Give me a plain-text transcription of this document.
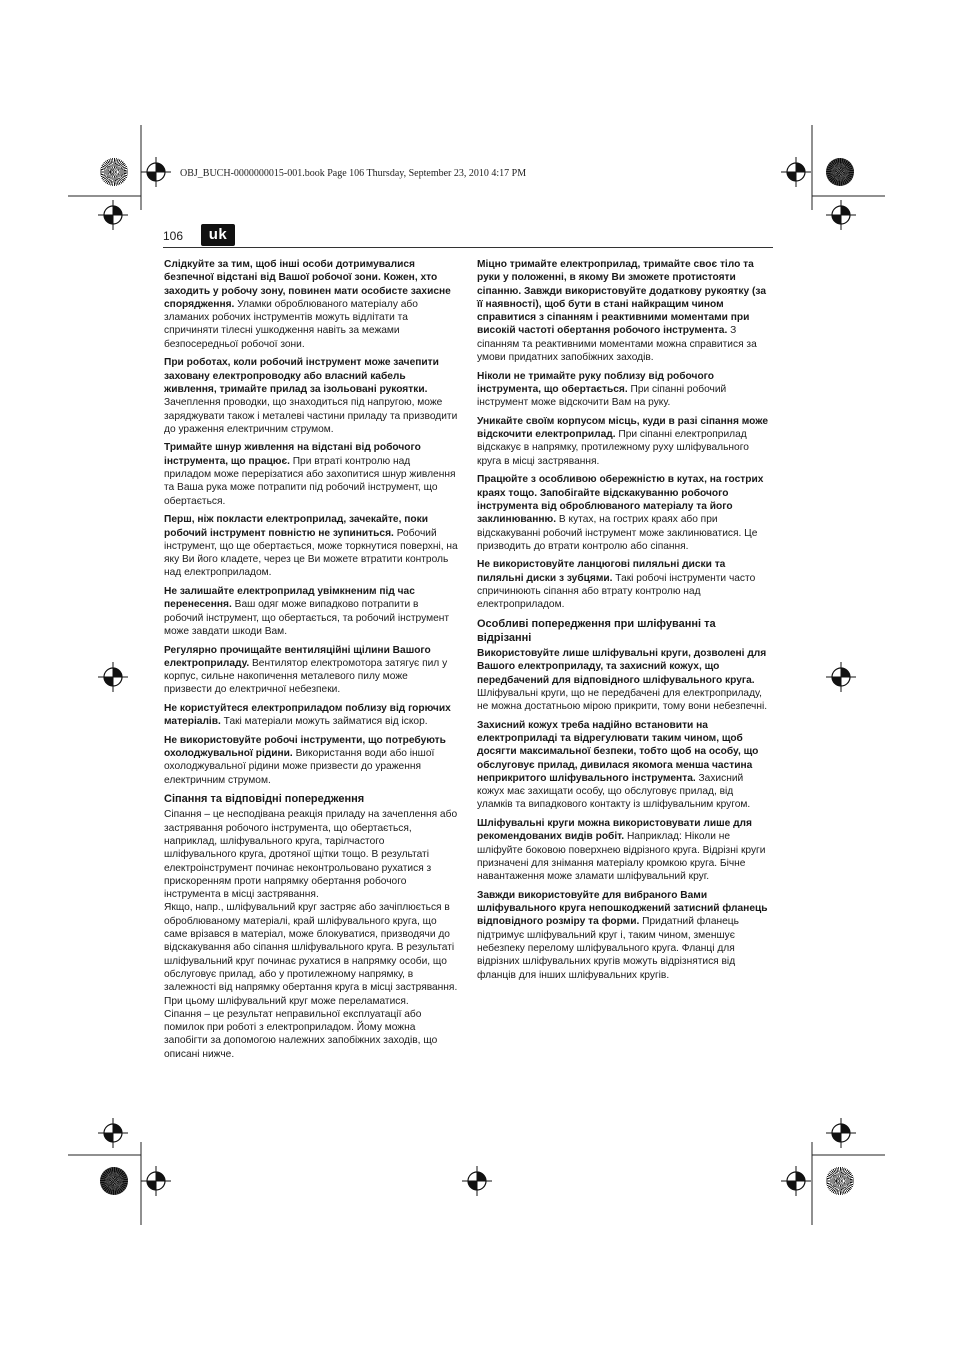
OBJ_BUCH-0000000015-001.book Page 106 Thursday, September 23, 2010 4:17 PM
106	uk

Слідкуйте за тим, щоб інші особи дотримувалися безпечної відстані від Вашої робочої зони. Кожен, хто заходить у робочу зону, повинен мати особисте захисне спорядження. Уламки оброблюваного матеріалу або зламаних робочих інструментів можуть відлітати та спричиняти тілесні ушкодження навіть за межами безпосередньої робочої зони.

При роботах, коли робочий інструмент може зачепити заховану електропроводку або власний кабель живлення, тримайте прилад за ізольовані рукоятки. Зачеплення проводки, що знаходиться під напругою, може заряджувати також і металеві частини приладу та призводити до ураження електричним струмом.

Тримайте шнур живлення на відстані від робочого інструмента, що працює. При втраті контролю над приладом може перерізатися або захопитися шнур живлення та Ваша рука може потрапити під робочий інструмент, що обертається.

Перш, ніж покласти електроприлад, зачекайте, поки робочий інструмент повністю не зупиниться. Робочий інструмент, що ще обертається, може торкнутися поверхні, на яку Ви його кладете, через це Ви можете втратити контроль над електроприладом.

Не залишайте електроприлад увімкненим під час перенесення. Ваш одяг може випадково потрапити в робочий інструмент, що обертається, та робочий інструмент може завдати шкоди Вам.

Регулярно прочищайте вентиляційні щілини Вашого електроприладу. Вентилятор електромотора затягує пил у корпус, сильне накопичення металевого пилу може призвести до електричної небезпеки.

Не користуйтеся електроприладом поблизу від горючих матеріалів. Такі матеріали можуть займатися від іскор.

Не використовуйте робочі інструменти, що потребують охолоджувальної рідини. Використання води або іншої охолоджувальної рідини може призвести до ураження електричним струмом.

Сіпання та відповідні попередження

Сіпання – це несподівана реакція приладу на зачеплення або застрявання робочого інструмента, що обертається, наприклад, шліфувального круга, тарілчастого шліфувального круга, дротяної щітки тощо. В результаті електроінструмент починає неконтрольовано рухатися з прискоренням проти напрямку обертання робочого інструмента в місці застрявання.

Якщо, напр., шліфувальний круг застряє або зачіплюється в оброблюваному матеріалі, край шліфувального круга, що саме врізався в матеріал, може блокуватися, призводячи до відскакування або сіпання шліфувального круга. В результаті шліфувальний круг починає рухатися в напрямку особи, що обслуговує прилад, або у протилежному напрямку, в залежності від напрямку обертання круга в місці застрявання. При цьому шліфувальний круг може переламатися.

Сіпання – це результат неправильної експлуатації або помилок при роботі з електроприладом. Йому можна запобігти за допомогою належних запобіжних заходів, що описані нижче.

Міцно тримайте електроприлад, тримайте своє тіло та руки у положенні, в якому Ви зможете протистояти сіпанню. Завжди використовуйте додаткову рукоятку (за її наявності), щоб бути в стані найкращим чином справитися з сіпанням і реактивними моментами при високій частоті обертання робочого інструмента. З сіпанням та реактивними моментами можна справитися за умови придатних запобіжних заходів.

Ніколи не тримайте руку поблизу від робочого інструмента, що обертається. При сіпанні робочий інструмент може відскочити Вам на руку.

Уникайте своїм корпусом місць, куди в разі сіпання може відскочити електроприлад. При сіпанні електроприлад відскакує в напрямку, протилежному руху шліфувального круга в місці застрявання.

Працюйте з особливою обережністю в кутах, на гострих краях тощо. Запобігайте відскакуванню робочого інструмента від оброблюваного матеріалу та його заклинюванню. В кутах, на гострих краях або при відскакуванні робочий інструмент може заклинюватися. Це призводить до втрати контролю або сіпання.

Не використовуйте ланцюгові пиляльні диски та пиляльні диски з зубцями. Такі робочі інструменти часто спричинюють сіпання або втрату контролю над електроприладом.

Особливі попередження при шліфуванні та відрізанні

Використовуйте лише шліфувальні круги, дозволені для Вашого електроприладу, та захисний кожух, що передбачений для відповідного шліфувального круга. Шліфувальні круги, що не передбачені для електроприладу, не можна достатньою мірою прикрити, тому вони небезпечні.

Захисний кожух треба надійно встановити на електроприладі та відрегулювати таким чином, щоб досягти максимальної безпеки, тобто щоб на особу, що обслуговує прилад, дивилася якомога менша частина неприкритого шліфувального інструмента. Захисний кожух має захищати особу, що обслуговує прилад, від уламків та випадкового контакту із шліфувальним кругом.

Шліфувальні круги можна використовувати лише для рекомендованих видів робіт. Наприклад: Ніколи не шліфуйте боковою поверхнею відрізного круга. Відрізні круги призначені для знімання матеріалу кромкою круга. Бічне навантаження може зламати шліфувальний круг.

Завжди використовуйте для вибраного Вами шліфувального круга непошкоджений затисний фланець відповідного розміру та форми. Придатний фланець підтримує шліфувальний круг і, таким чином, зменшує небезпеку перелому шліфувального круга. Фланці для відрізних шліфувальних кругів можуть відрізнятися від фланців для інших шліфувальних кругів.
